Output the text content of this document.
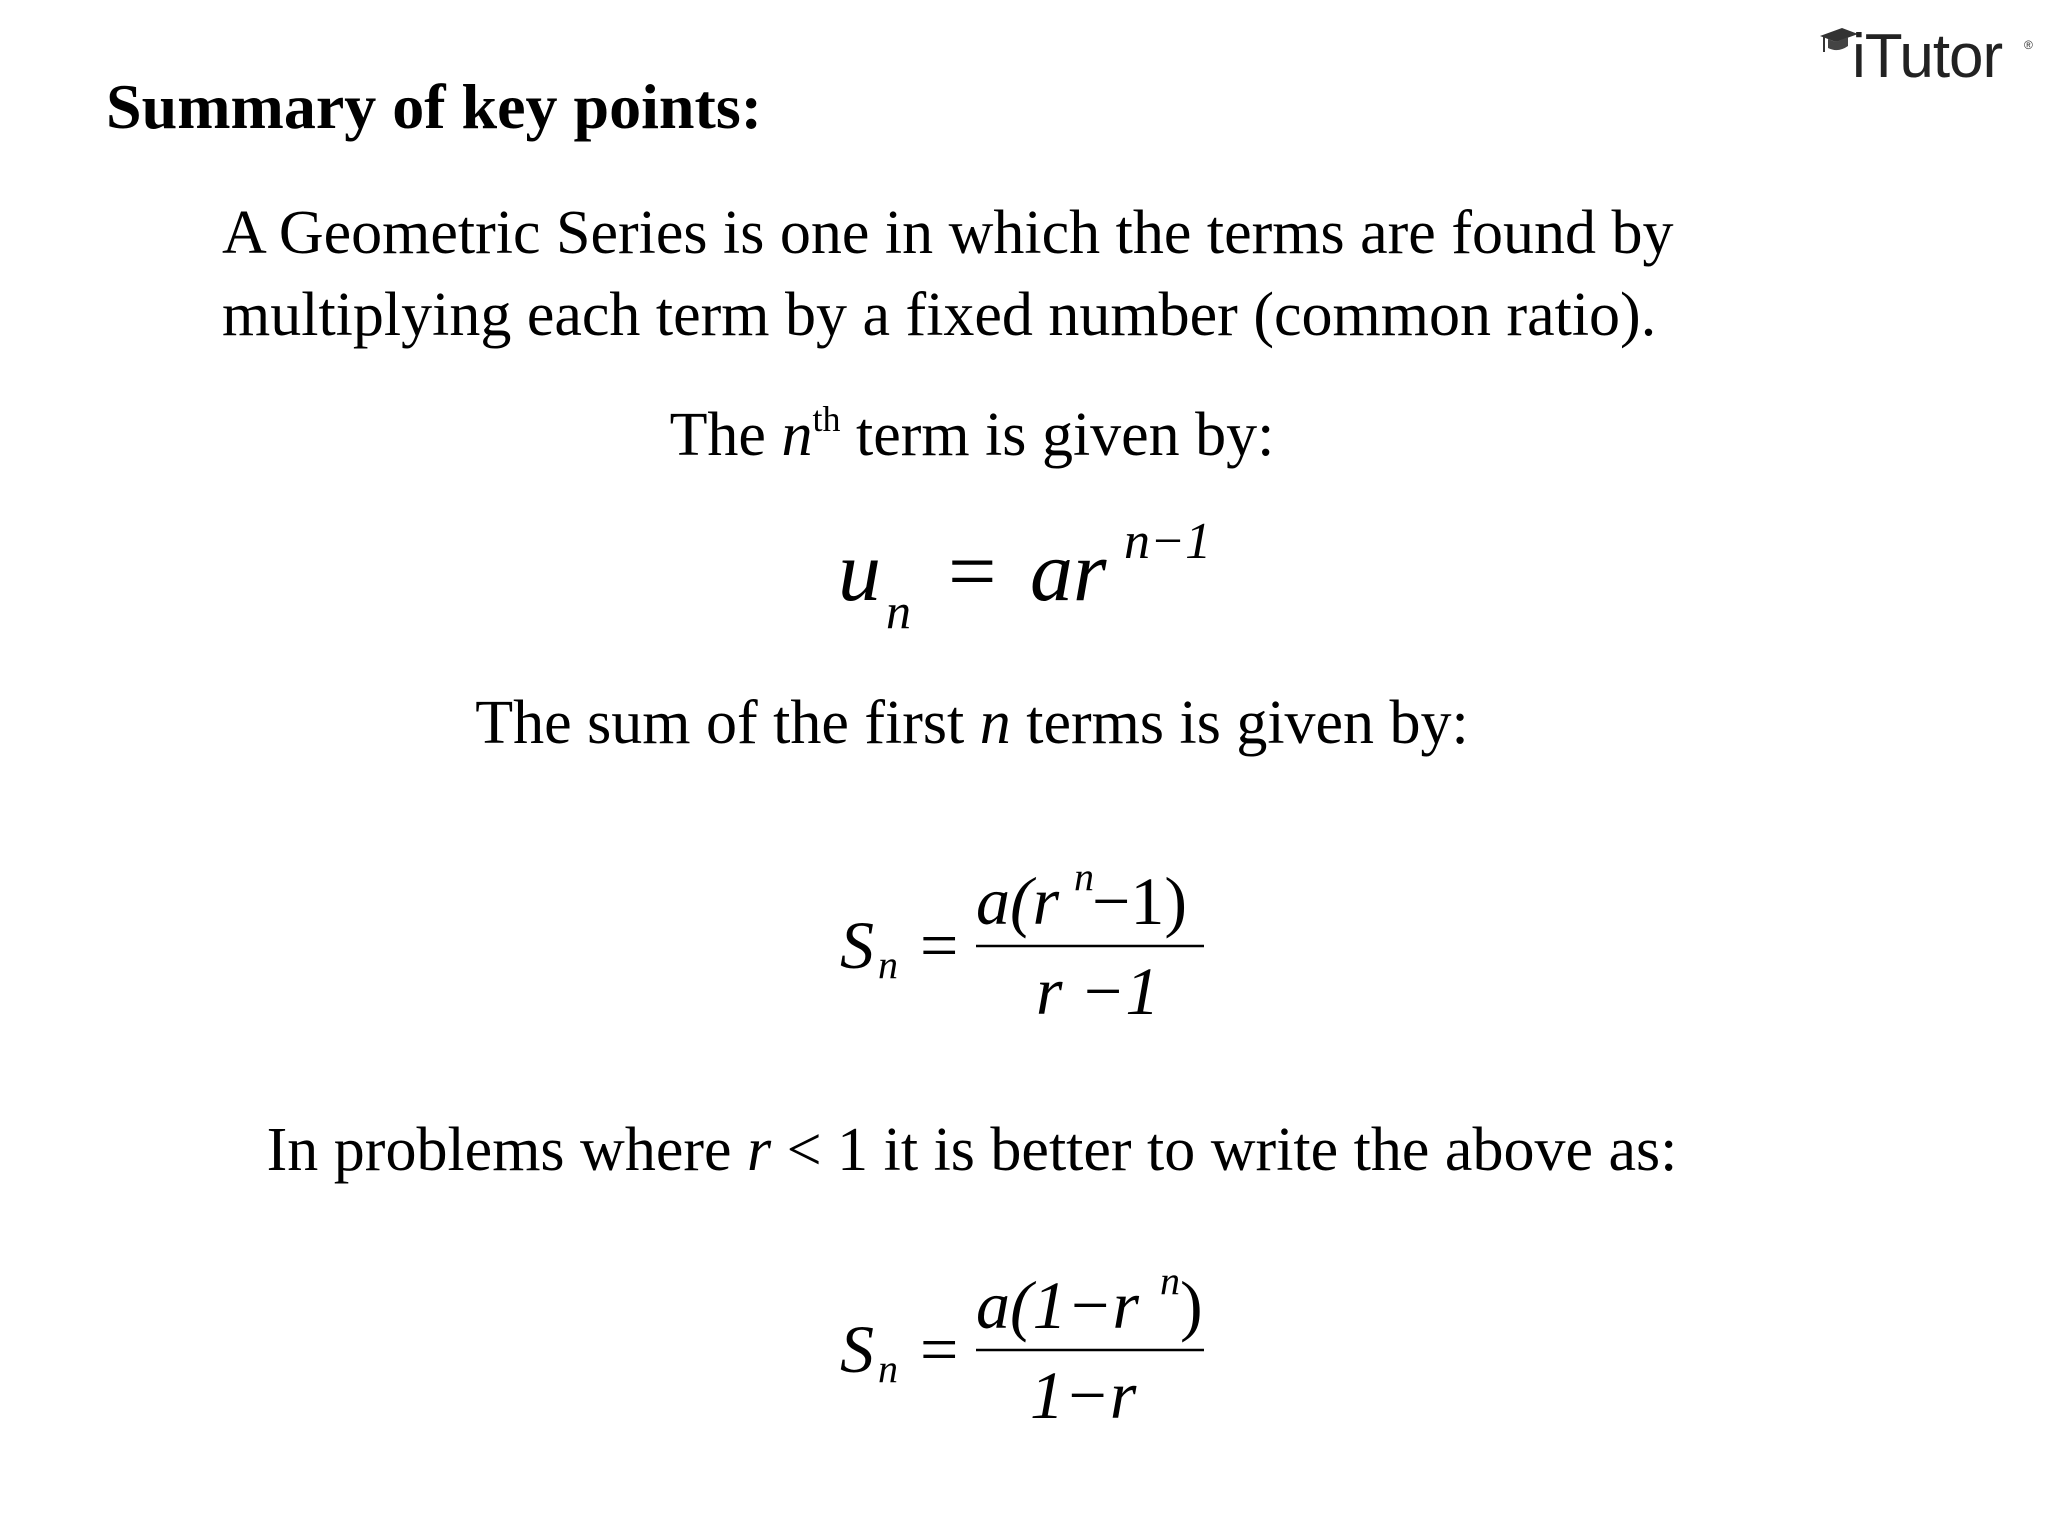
iTutor ®
Summary of key points:
A Geometric Series is one in which the terms are found by
multiplying each term by a fixed number (common ratio).
The $n^{th}$ term is given by:
The sum of the first n terms is given by:
In problems where r < 1 it is better to write the above as:
u n = ar n−1
S n =
a(r n
−1)
r −1
S n =
a(1−r n )
1−r
